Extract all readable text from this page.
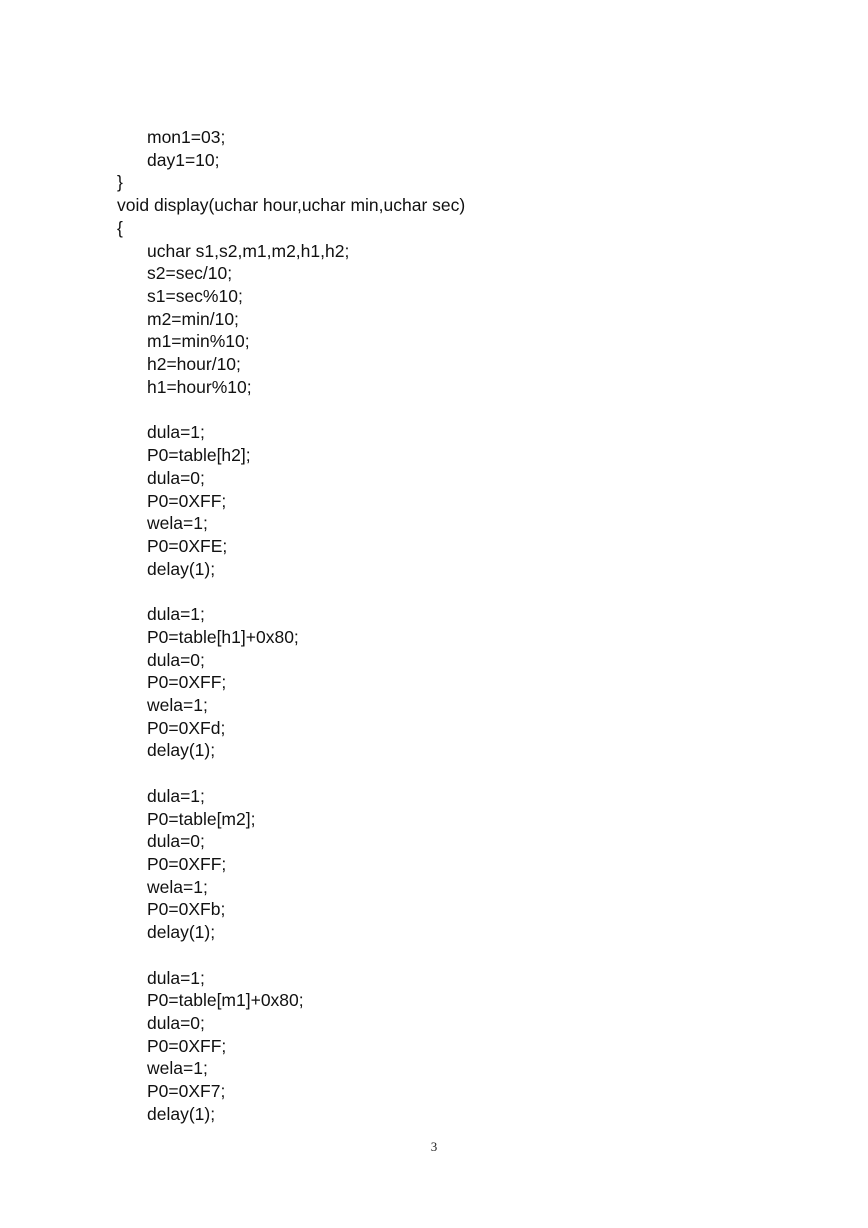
mon1=03;
day1=10;
}
void display(uchar hour,uchar min,uchar sec)
{
uchar s1,s2,m1,m2,h1,h2;
s2=sec/10;
s1=sec%10;
m2=min/10;
m1=min%10;
h2=hour/10;
h1=hour%10;
dula=1;
P0=table[h2];
dula=0;
P0=0XFF;
wela=1;
P0=0XFE;
delay(1);
dula=1;
P0=table[h1]+0x80;
dula=0;
P0=0XFF;
wela=1;
P0=0XFd;
delay(1);
dula=1;
P0=table[m2];
dula=0;
P0=0XFF;
wela=1;
P0=0XFb;
delay(1);
dula=1;
P0=table[m1]+0x80;
dula=0;
P0=0XFF;
wela=1;
P0=0XF7;
delay(1);
3
